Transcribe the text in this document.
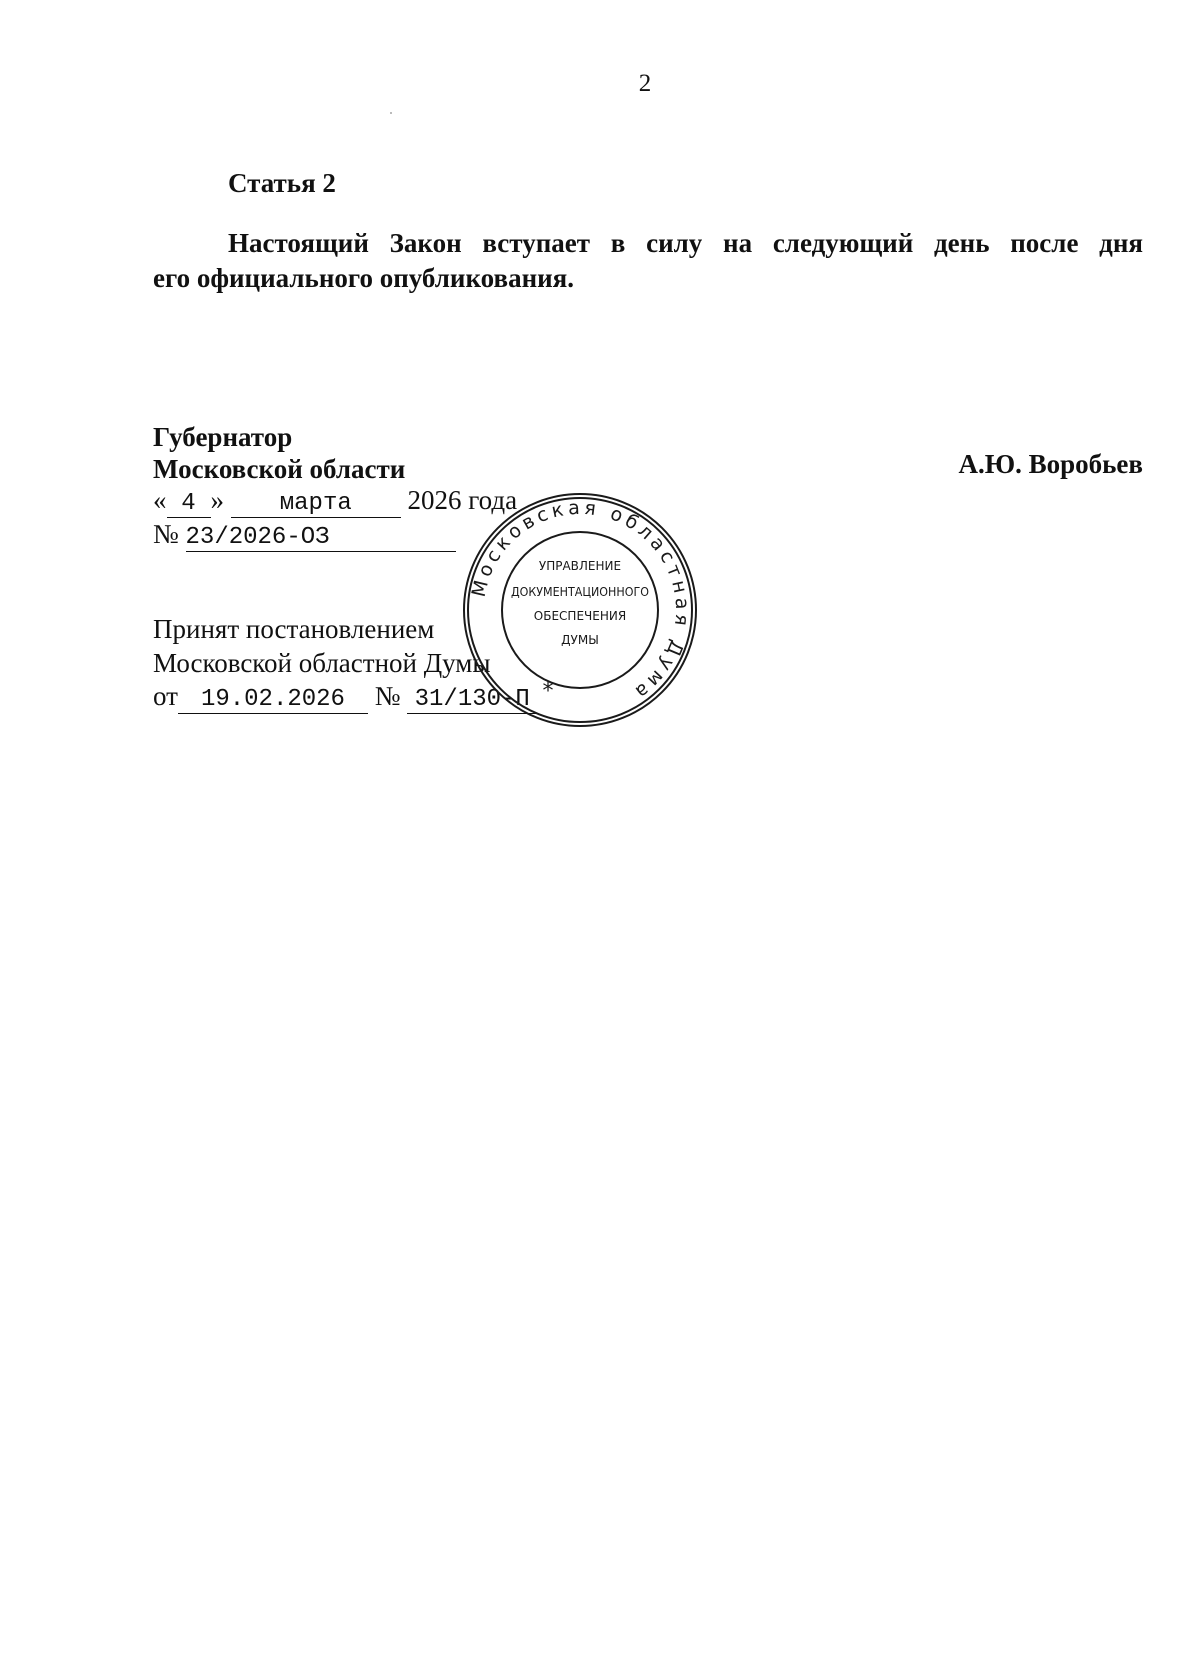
2
Статья 2
Настоящий Закон вступает в силу на следующий день после дня
его официального опубликования.
Губернатор
Московской области	А.Ю. Воробьев
« 4 » марта 2026 года
№ 23/2026-ОЗ
Принят постановлением
Московской областной Думы
от 19.02.2026 № 31/130-П
Московская областная Дума
УПРАВЛЕНИЕ
ДОКУМЕНТАЦИОННОГО
ОБЕСПЕЧЕНИЯ
ДУМЫ
*
